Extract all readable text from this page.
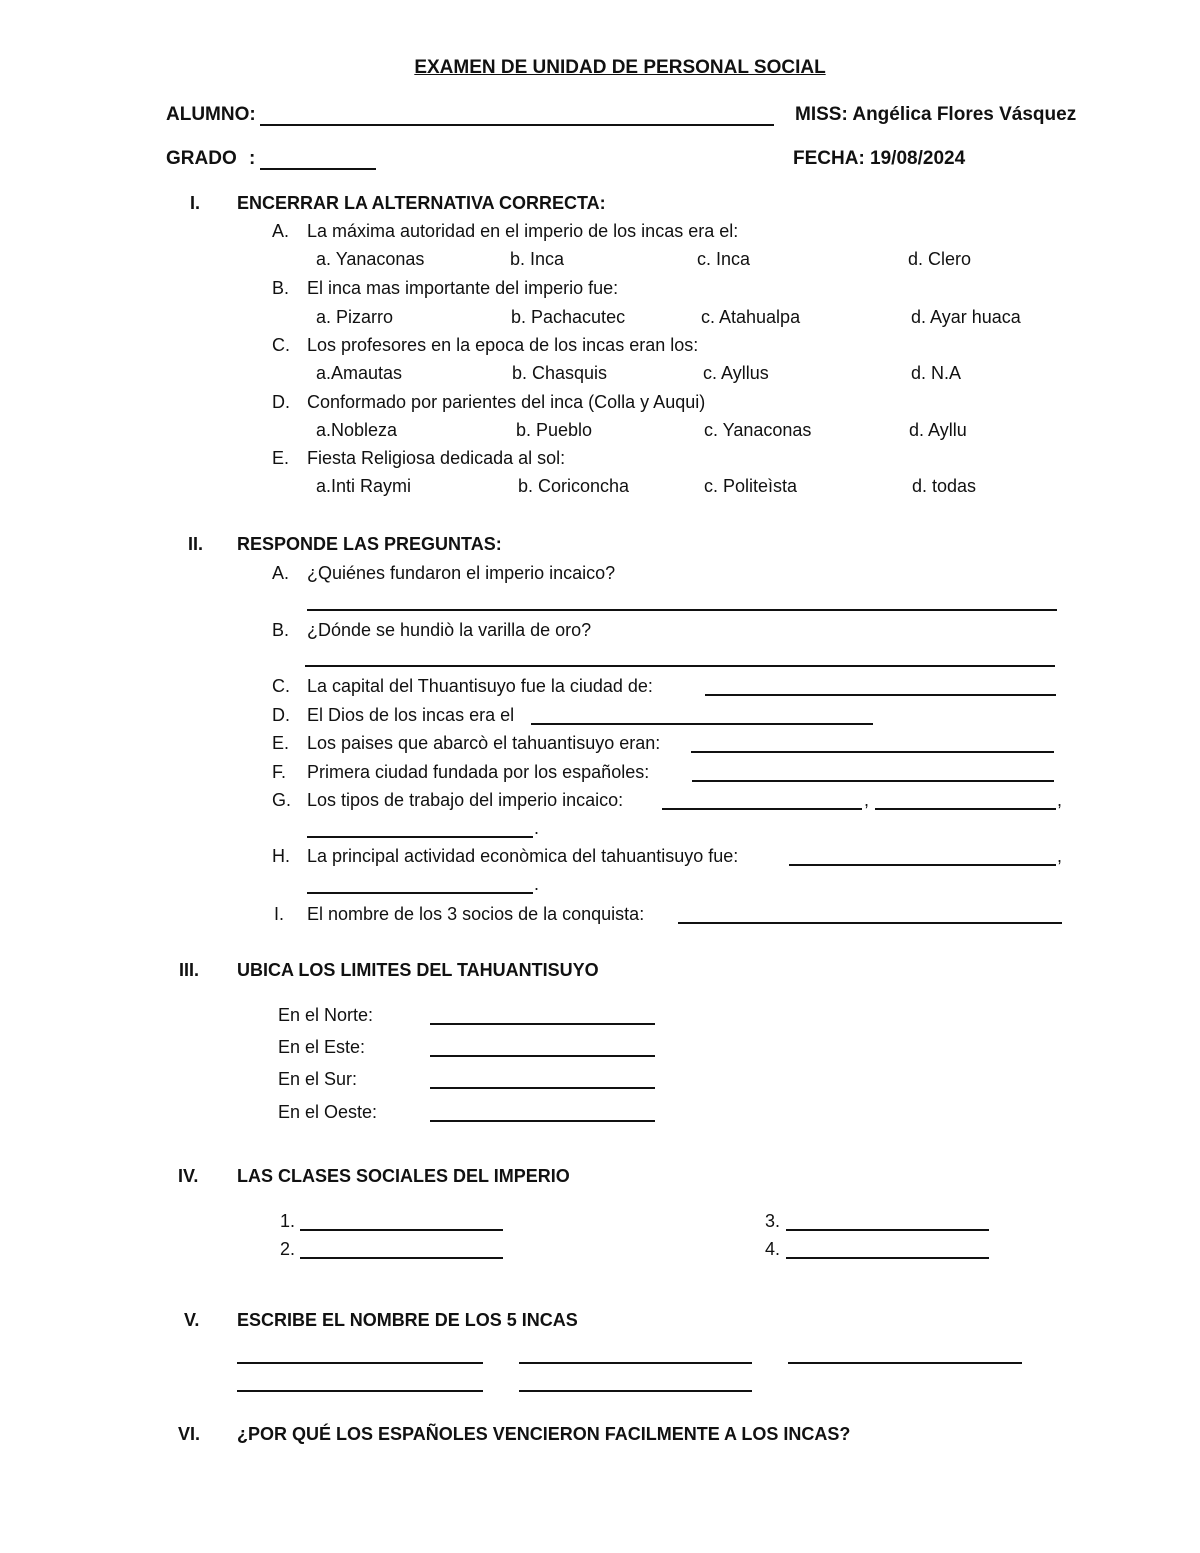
EXAMEN DE UNIDAD DE PERSONAL SOCIAL
ALUMNO:	MISS: Angélica Flores Vásquez
GRADO :	FECHA: 19/08/2024
I. ENCERRAR LA ALTERNATIVA CORRECTA:
A. La máxima autoridad en el imperio de los incas era el:
a. Yanaconas	b. Inca	c. Inca	d. Clero
B. El inca mas importante del imperio fue:
a. Pizarro	b. Pachacutec	c. Atahualpa	d. Ayar huaca
C. Los profesores en la epoca de los incas eran los:
a.Amautas	b. Chasquis	c. Ayllus	d. N.A
D. Conformado por parientes del inca (Colla y Auqui)
a.Nobleza	b. Pueblo	c. Yanaconas	d. Ayllu
E. Fiesta Religiosa dedicada al sol:
a.Inti Raymi	b. Coriconcha	c. Politeìsta	d. todas
II. RESPONDE LAS PREGUNTAS:
A. ¿Quiénes fundaron el imperio incaico?
B. ¿Dónde se hundiò la varilla de oro?
C. La capital del Thuantisuyo fue la ciudad de:
D. El Dios de los incas era el
E. Los paises que abarcò el tahuantisuyo eran:
F. Primera ciudad fundada por los españoles:
G. Los tipos de trabajo del imperio incaico:	,	,
.
H. La principal actividad econòmica del tahuantisuyo fue:	,
.
I. El nombre de los 3 socios de la conquista:
III. UBICA LOS LIMITES DEL TAHUANTISUYO
En el Norte:
En el Este:
En el Sur:
En el Oeste:
IV. LAS CLASES SOCIALES DEL IMPERIO
1.
2.
3.
4.
V. ESCRIBE EL NOMBRE DE LOS 5 INCAS
VI. ¿POR QUÉ LOS ESPAÑOLES VENCIERON FACILMENTE A LOS INCAS?
